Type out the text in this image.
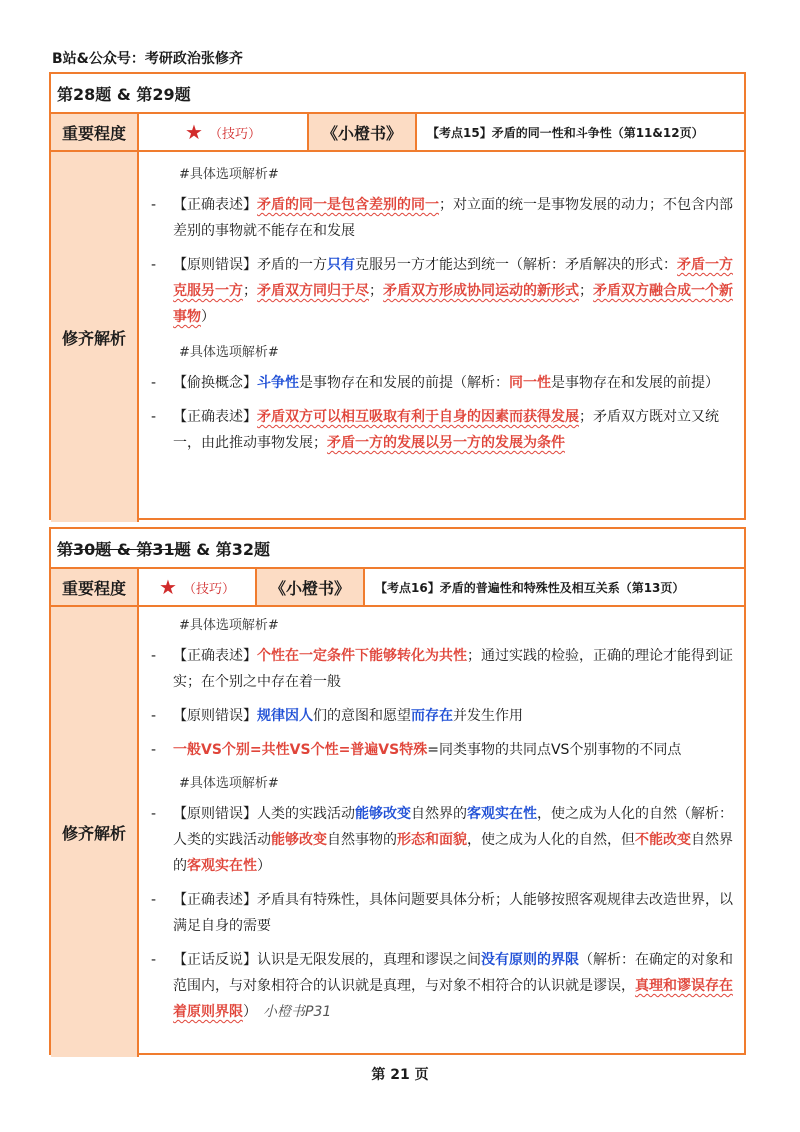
B站&公众号：考研政治张修齐
第28题 & 第29题
重要程度	★ （技巧）	《小橙书》	【考点15】矛盾的同一性和斗争性（第11&12页）
修齐解析
#具体选项解析#
- 【正确表述】矛盾的同一是包含差别的同一；对立面的统一是事物发展的动力；不包含内部差别的事物就不能存在和发展
- 【原则错误】矛盾的一方只有克服另一方才能达到统一（解析：矛盾解决的形式：矛盾一方克服另一方；矛盾双方同归于尽；矛盾双方形成协同运动的新形式；矛盾双方融合成一个新事物）
#具体选项解析#
- 【偷换概念】斗争性是事物存在和发展的前提（解析：同一性是事物存在和发展的前提）
- 【正确表述】矛盾双方可以相互吸取有利于自身的因素而获得发展；矛盾双方既对立又统一，由此推动事物发展；矛盾一方的发展以另一方的发展为条件
第30题 & 第31题 & 第32题
重要程度	★ （技巧）	《小橙书》	【考点16】矛盾的普遍性和特殊性及相互关系（第13页）
修齐解析
#具体选项解析#
- 【正确表述】个性在一定条件下能够转化为共性；通过实践的检验，正确的理论才能得到证实；在个别之中存在着一般
- 【原则错误】规律因人们的意图和愿望而存在并发生作用
- 一般VS个别=共性VS个性=普遍VS特殊=同类事物的共同点VS个别事物的不同点
#具体选项解析#
- 【原则错误】人类的实践活动能够改变自然界的客观实在性，使之成为人化的自然（解析：人类的实践活动能够改变自然事物的形态和面貌，使之成为人化的自然，但不能改变自然界的客观实在性）
- 【正确表述】矛盾具有特殊性，具体问题要具体分析；人能够按照客观规律去改造世界，以满足自身的需要
- 【正话反说】认识是无限发展的，真理和谬误之间没有原则的界限（解析：在确定的对象和范围内，与对象相符合的认识就是真理，与对象不相符合的认识就是谬误，真理和谬误存在着原则界限） 小橙书P31
第 21 页
